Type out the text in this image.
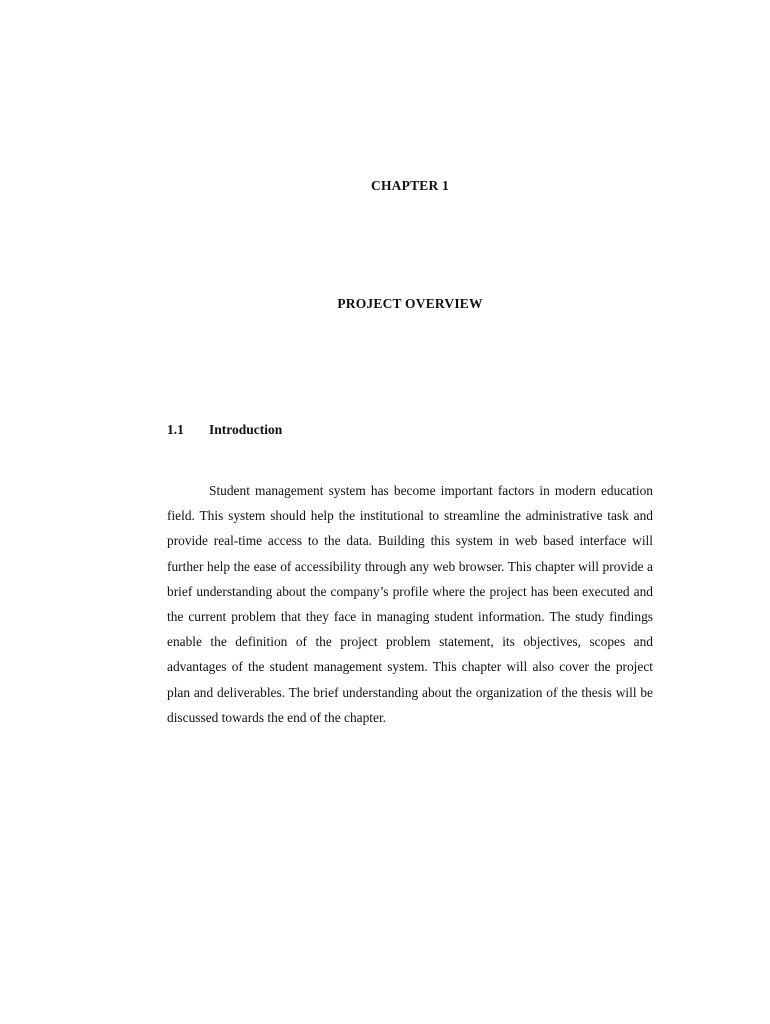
CHAPTER 1
PROJECT OVERVIEW
1.1 Introduction

Student management system has become important factors in modern education field. This system should help the institutional to streamline the administrative task and provide real-time access to the data. Building this system in web based interface will further help the ease of accessibility through any web browser. This chapter will provide a brief understanding about the company’s profile where the project has been executed and the current problem that they face in managing student information. The study findings enable the definition of the project problem statement, its objectives, scopes and advantages of the student management system. This chapter will also cover the project plan and deliverables. The brief understanding about the organization of the thesis will be discussed towards the end of the chapter.
